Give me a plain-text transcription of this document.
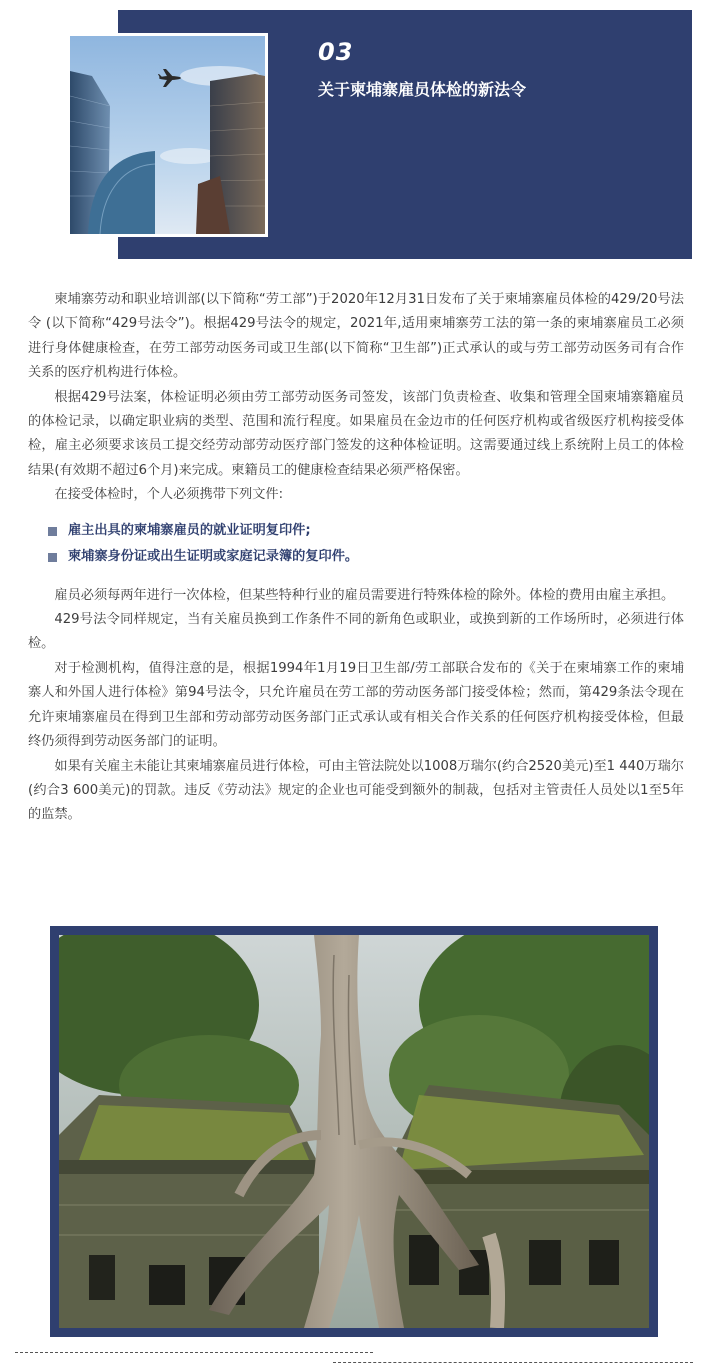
03
关于柬埔寨雇员体检的新法令

柬埔寨劳动和职业培训部(以下简称“劳工部”)于2020年12月31日发布了关于柬埔寨雇员体检的429/20号法令 (以下简称“429号法令”)。根据429号法令的规定，2021年,适用柬埔寨劳工法的第一条的柬埔寨雇员工必须进行身体健康检查，在劳工部劳动医务司或卫生部(以下简称“卫生部”)正式承认的或与劳工部劳动医务司有合作关系的医疗机构进行体检。

根据429号法案，体检证明必须由劳工部劳动医务司签发，该部门负责检查、收集和管理全国柬埔寨籍雇员的体检记录，以确定职业病的类型、范围和流行程度。如果雇员在金边市的任何医疗机构或省级医疗机构接受体检，雇主必须要求该员工提交经劳动部劳动医疗部门签发的这种体检证明。这需要通过线上系统附上员工的体检结果(有效期不超过6个月)来完成。柬籍员工的健康检查结果必须严格保密。

在接受体检时，个人必须携带下列文件:

雇主出具的柬埔寨雇员的就业证明复印件;
柬埔寨身份证或出生证明或家庭记录簿的复印件。

雇员必须每两年进行一次体检，但某些特种行业的雇员需要进行特殊体检的除外。体检的费用由雇主承担。

429号法令同样规定，当有关雇员换到工作条件不同的新角色或职业，或换到新的工作场所时，必须进行体检。

对于检测机构，值得注意的是，根据1994年1月19日卫生部/劳工部联合发布的《关于在柬埔寨工作的柬埔寨人和外国人进行体检》第94号法令，只允许雇员在劳工部的劳动医务部门接受体检；然而，第429条法令现在允许柬埔寨雇员在得到卫生部和劳动部劳动医务部门正式承认或有相关合作关系的任何医疗机构接受体检，但最终仍须得到劳动医务部门的证明。

如果有关雇主未能让其柬埔寨雇员进行体检，可由主管法院处以1008万瑞尔(约合2520美元)至1 440万瑞尔(约合3 600美元)的罚款。违反《劳动法》规定的企业也可能受到额外的制裁，包括对主管责任人员处以1至5年的监禁。
